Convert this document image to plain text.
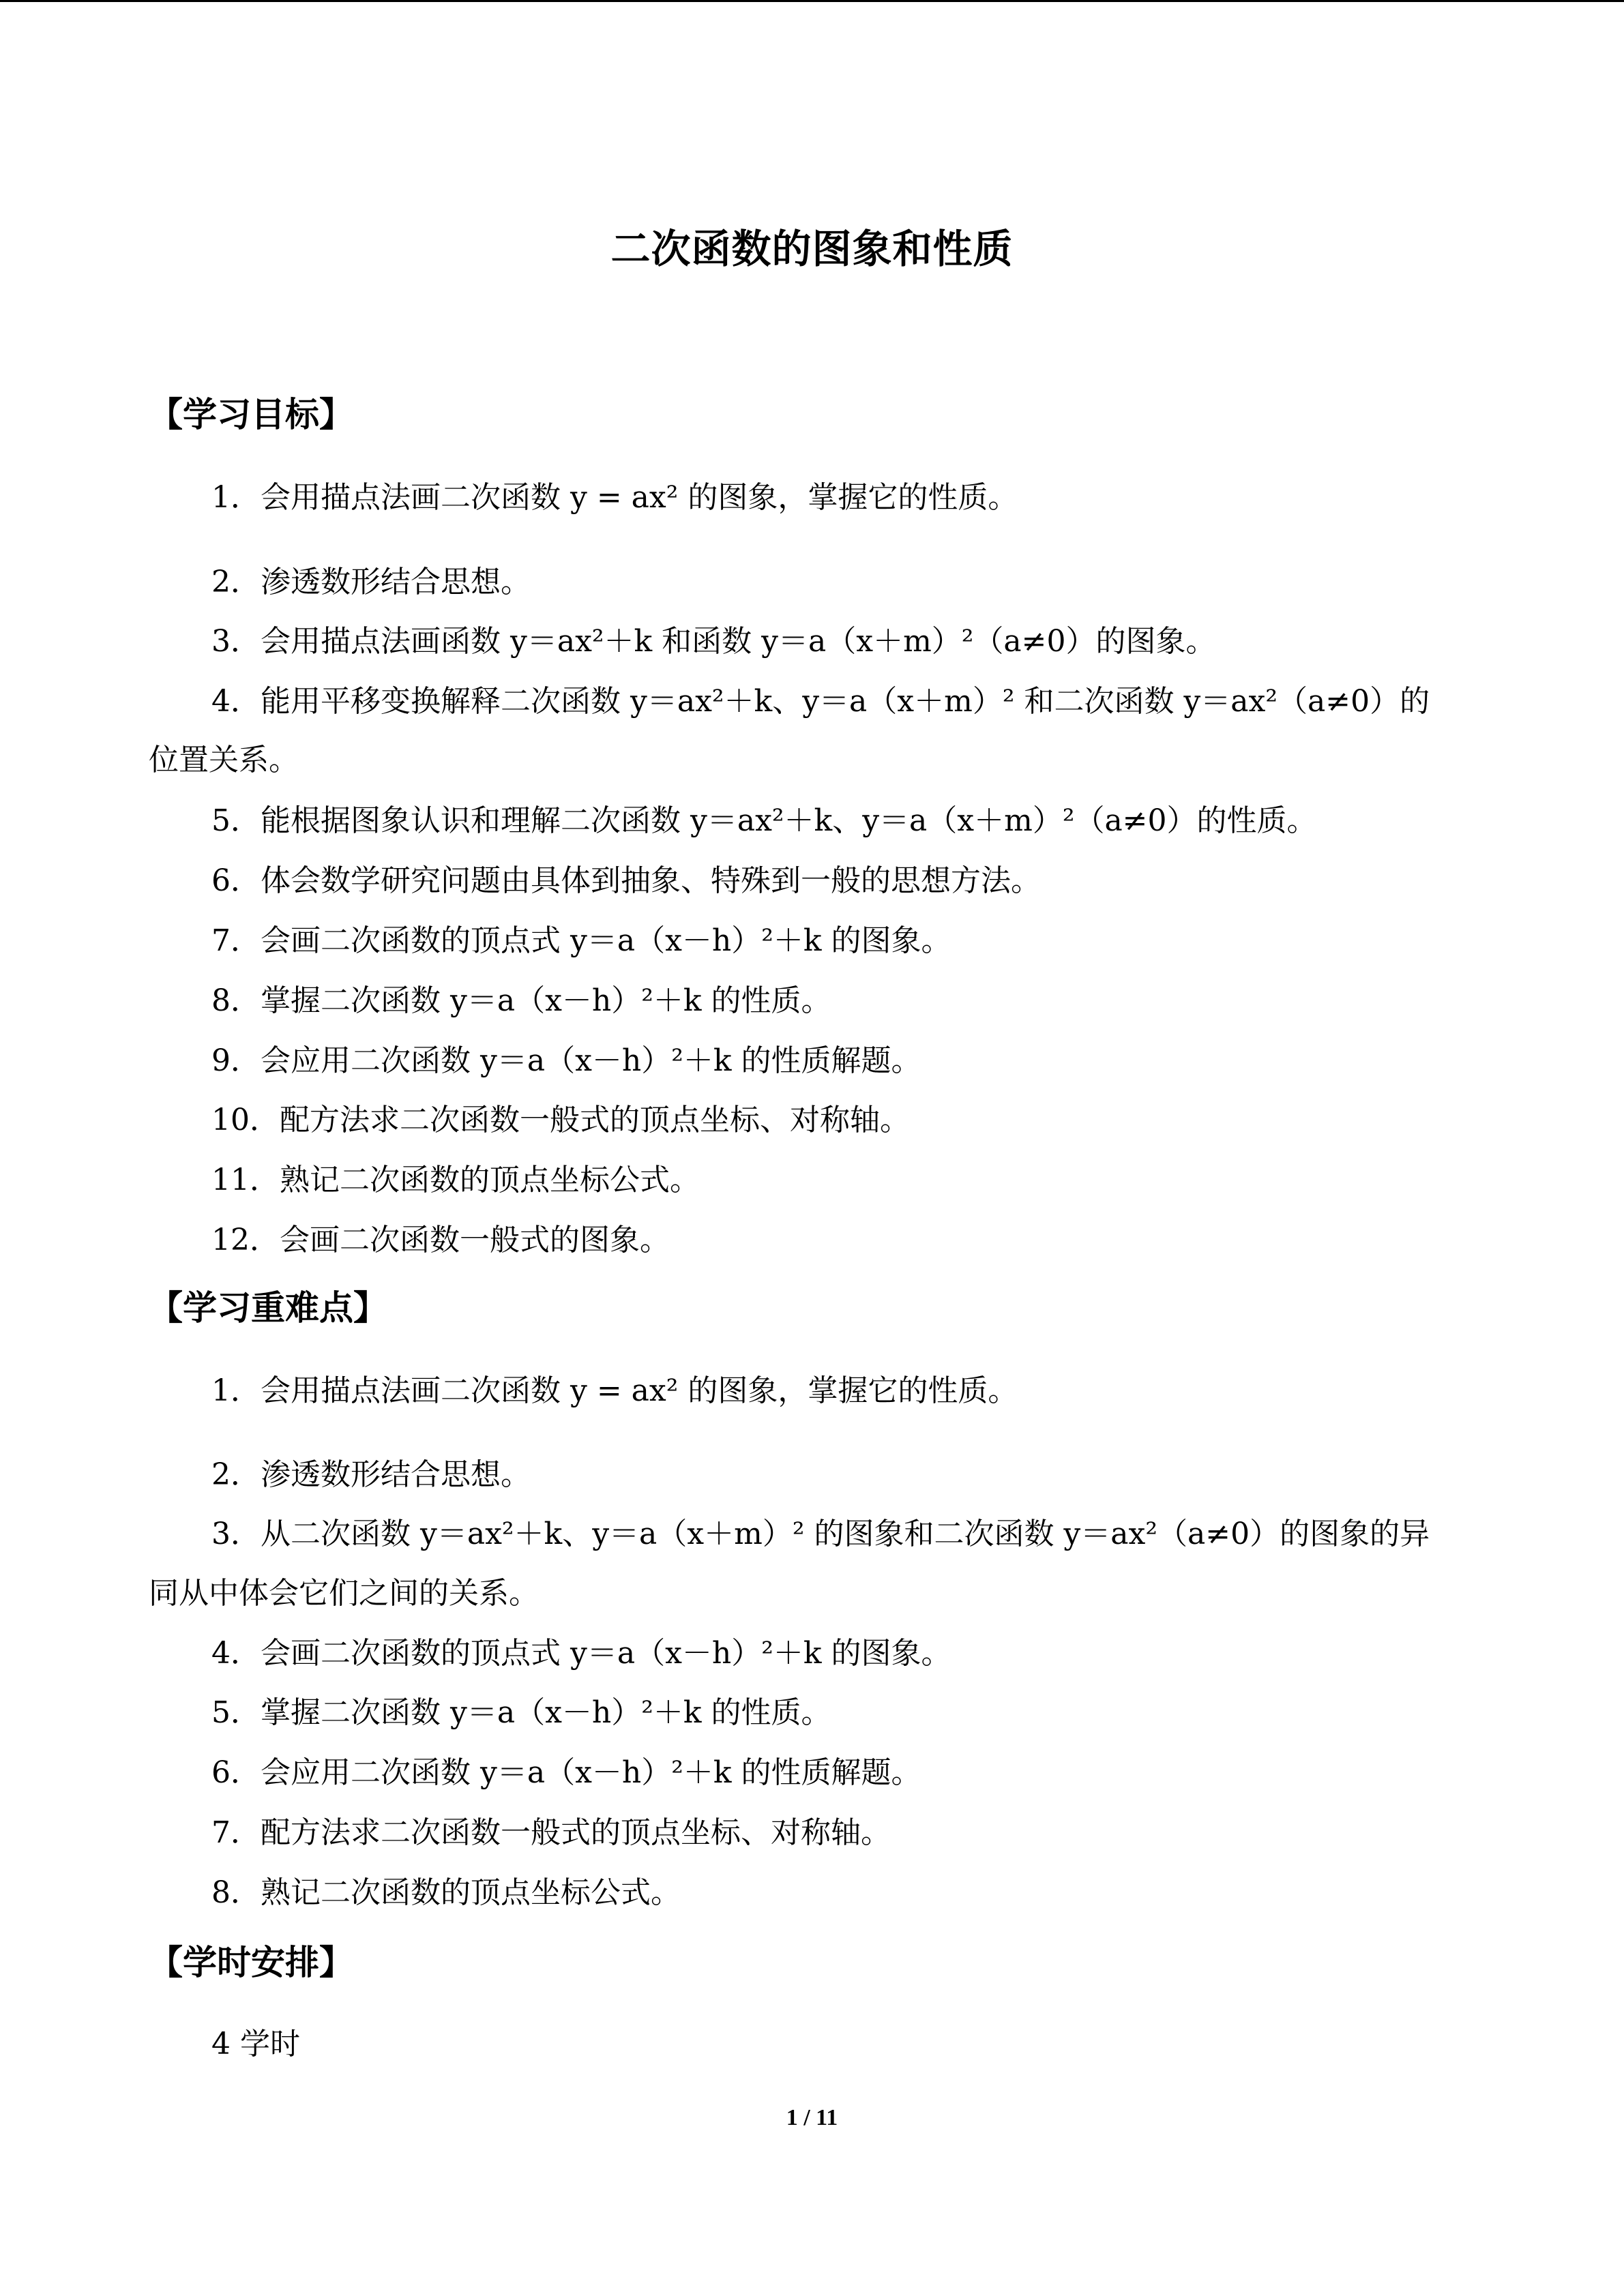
二次函数的图象和性质
【学习目标】
1．会用描点法画二次函数 y = ax² 的图象，掌握它的性质。
2．渗透数形结合思想。
3．会用描点法画函数 y＝ax²＋k 和函数 y＝a（x＋m）²（a≠0）的图象。
4．能用平移变换解释二次函数 y＝ax²＋k、y＝a（x＋m）² 和二次函数 y＝ax²（a≠0）的
位置关系。
5．能根据图象认识和理解二次函数 y＝ax²＋k、y＝a（x＋m）²（a≠0）的性质。
6．体会数学研究问题由具体到抽象、特殊到一般的思想方法。
7．会画二次函数的顶点式 y＝a（x－h）²＋k 的图象。
8．掌握二次函数 y＝a（x－h）²＋k 的性质。
9．会应用二次函数 y＝a（x－h）²＋k 的性质解题。
10．配方法求二次函数一般式的顶点坐标、对称轴。
11．熟记二次函数的顶点坐标公式。
12．会画二次函数一般式的图象。
【学习重难点】
1．会用描点法画二次函数 y = ax² 的图象，掌握它的性质。
2．渗透数形结合思想。
3．从二次函数 y＝ax²＋k、y＝a（x＋m）² 的图象和二次函数 y＝ax²（a≠0）的图象的异
同从中体会它们之间的关系。
4．会画二次函数的顶点式 y＝a（x－h）²＋k 的图象。
5．掌握二次函数 y＝a（x－h）²＋k 的性质。
6．会应用二次函数 y＝a（x－h）²＋k 的性质解题。
7．配方法求二次函数一般式的顶点坐标、对称轴。
8．熟记二次函数的顶点坐标公式。
【学时安排】
4 学时
1 / 11
